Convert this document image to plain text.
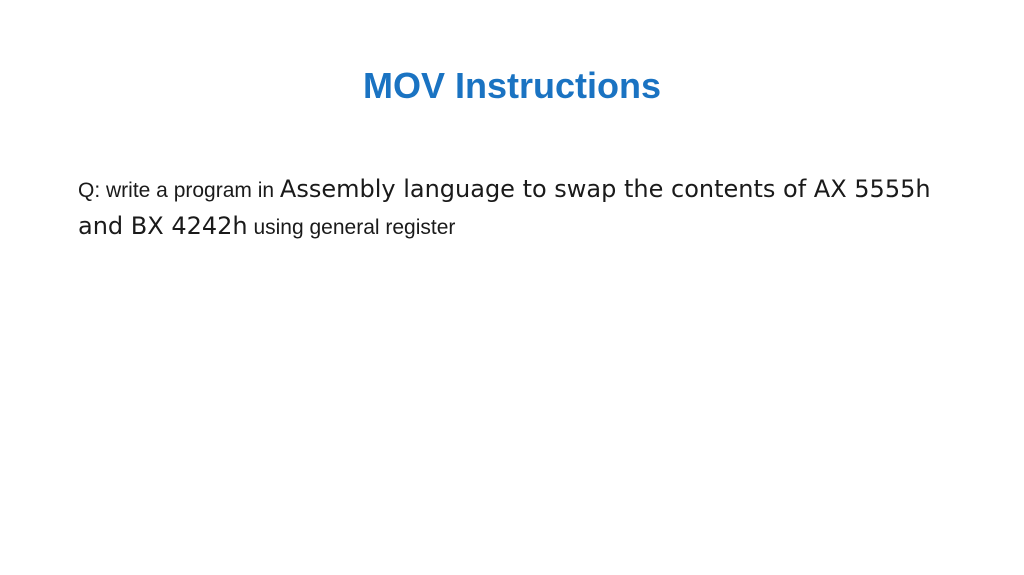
MOV Instructions

Q: write a program in Assembly language to swap the contents of AX 5555h and BX 4242h using general register
